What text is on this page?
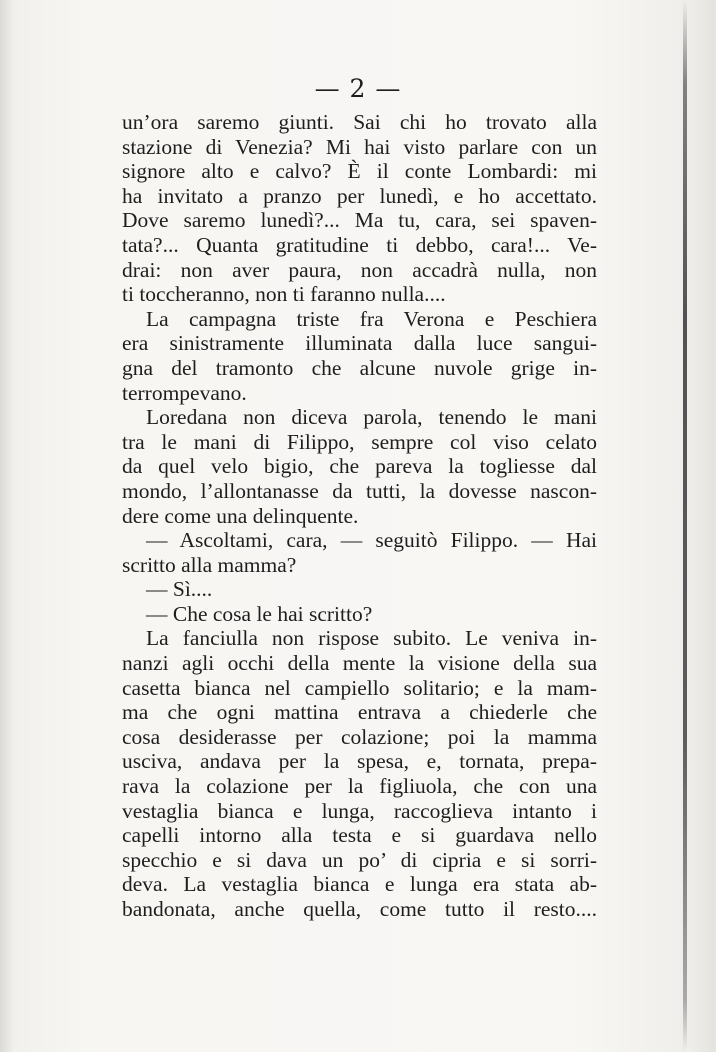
— 2 —
un’ora saremo giunti. Sai chi ho trovato alla
stazione di Venezia? Mi hai visto parlare con un
signore alto e calvo? È il conte Lombardi: mi
ha invitato a pranzo per lunedì, e ho accettato.
Dove saremo lunedì?... Ma tu, cara, sei spaven-
tata?... Quanta gratitudine ti debbo, cara!... Ve-
drai: non aver paura, non accadrà nulla, non
ti toccheranno, non ti faranno nulla....
La campagna triste fra Verona e Peschiera
era sinistramente illuminata dalla luce sangui-
gna del tramonto che alcune nuvole grige in-
terrompevano.
Loredana non diceva parola, tenendo le mani
tra le mani di Filippo, sempre col viso celato
da quel velo bigio, che pareva la togliesse dal
mondo, l’allontanasse da tutti, la dovesse nascon-
dere come una delinquente.
— Ascoltami, cara, — seguitò Filippo. — Hai
scritto alla mamma?
— Sì....
— Che cosa le hai scritto?
La fanciulla non rispose subito. Le veniva in-
nanzi agli occhi della mente la visione della sua
casetta bianca nel campiello solitario; e la mam-
ma che ogni mattina entrava a chiederle che
cosa desiderasse per colazione; poi la mamma
usciva, andava per la spesa, e, tornata, prepa-
rava la colazione per la figliuola, che con una
vestaglia bianca e lunga, raccoglieva intanto i
capelli intorno alla testa e si guardava nello
specchio e si dava un po’ di cipria e si sorri-
deva. La vestaglia bianca e lunga era stata ab-
bandonata, anche quella, come tutto il resto....
